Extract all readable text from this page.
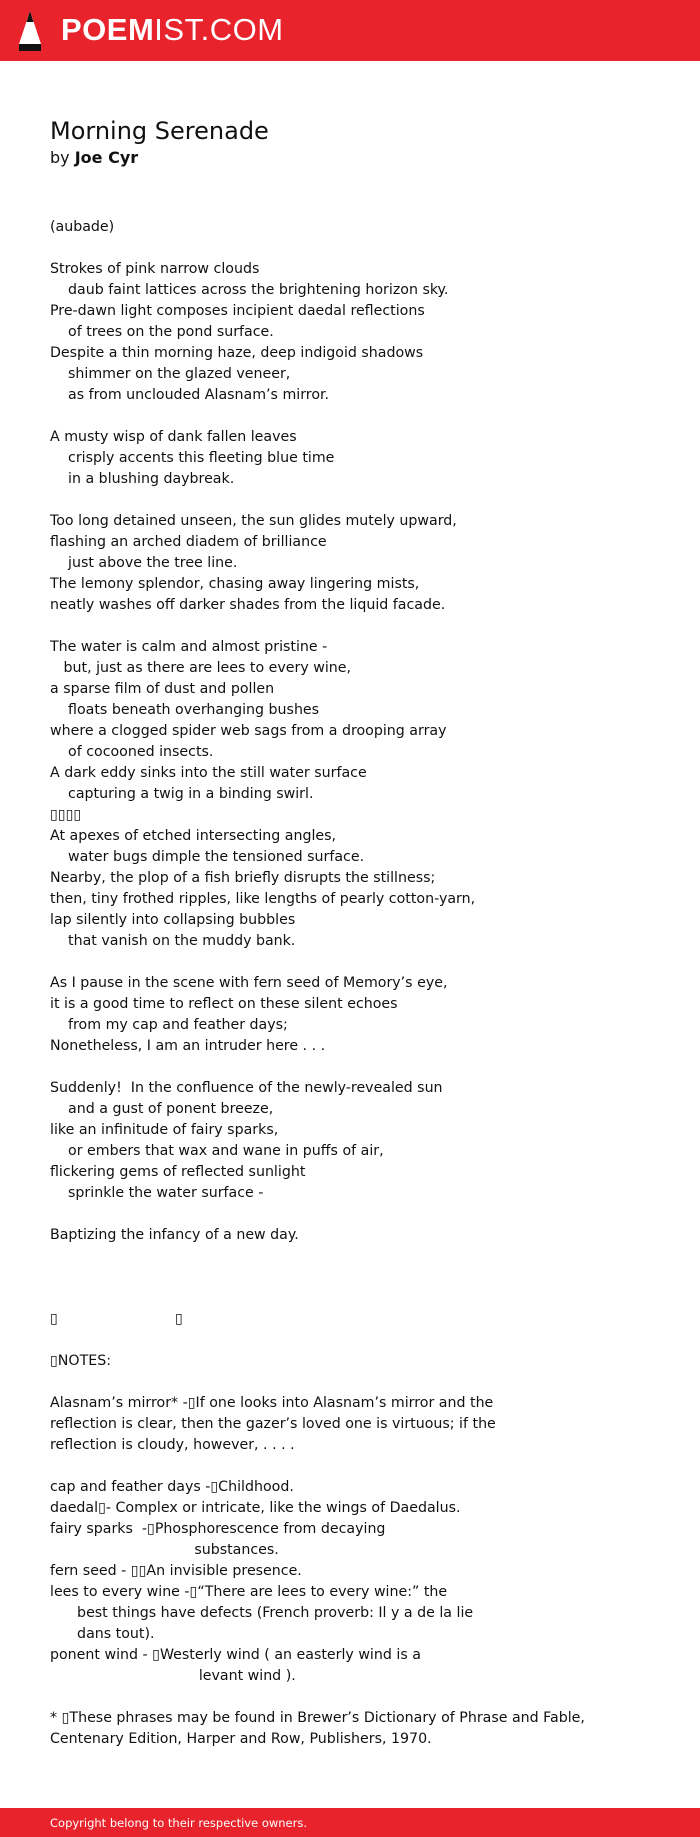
POEMIST.COM
Morning Serenade

by Joe Cyr

(aubade)

Strokes of pink narrow clouds
daub faint lattices across the brightening horizon sky.
Pre-dawn light composes incipient daedal reflections
of trees on the pond surface.
Despite a thin morning haze, deep indigoid shadows
shimmer on the glazed veneer,
as from unclouded Alasnam’s mirror.

A musty wisp of dank fallen leaves
crisply accents this fleeting blue time
in a blushing daybreak.

Too long detained unseen, the sun glides mutely upward,
flashing an arched diadem of brilliance
just above the tree line.
The lemony splendor, chasing away lingering mists,
neatly washes off darker shades from the liquid facade.

The water is calm and almost pristine -
but, just as there are lees to every wine,
a sparse film of dust and pollen
floats beneath overhanging bushes
where a clogged spider web sags from a drooping array
of cocooned insects.
A dark eddy sinks into the still water surface
capturing a twig in a binding swirl.
▯▯▯▯
At apexes of etched intersecting angles,
water bugs dimple the tensioned surface.
Nearby, the plop of a fish briefly disrupts the stillness;
then, tiny frothed ripples, like lengths of pearly cotton-yarn,
lap silently into collapsing bubbles
that vanish on the muddy bank.

As I pause in the scene with fern seed of Memory’s eye,
it is a good time to reflect on these silent echoes
from my cap and feather days;
Nonetheless, I am an intruder here . . .

Suddenly!  In the confluence of the newly-revealed sun
and a gust of ponent breeze,
like an infinitude of fairy sparks,
or embers that wax and wane in puffs of air,
flickering gems of reflected sunlight
sprinkle the water surface -

Baptizing the infancy of a new day.

▯                          ▯

▯NOTES:

Alasnam’s mirror* -▯If one looks into Alasnam’s mirror and the
reflection is clear, then the gazer’s loved one is virtuous; if the
reflection is cloudy, however, . . . .

cap and feather days -▯Childhood.
daedal▯- Complex or intricate, like the wings of Daedalus.
fairy sparks  -▯Phosphorescence from decaying
substances.
fern seed - ▯▯An invisible presence.
lees to every wine -▯“There are lees to every wine:” the
best things have defects (French proverb: Il y a de la lie
dans tout).
ponent wind - ▯Westerly wind ( an easterly wind is a
levant wind ).

* ▯These phrases may be found in Brewer’s Dictionary of Phrase and Fable,
Centenary Edition, Harper and Row, Publishers, 1970.
Copyright belong to their respective owners.
